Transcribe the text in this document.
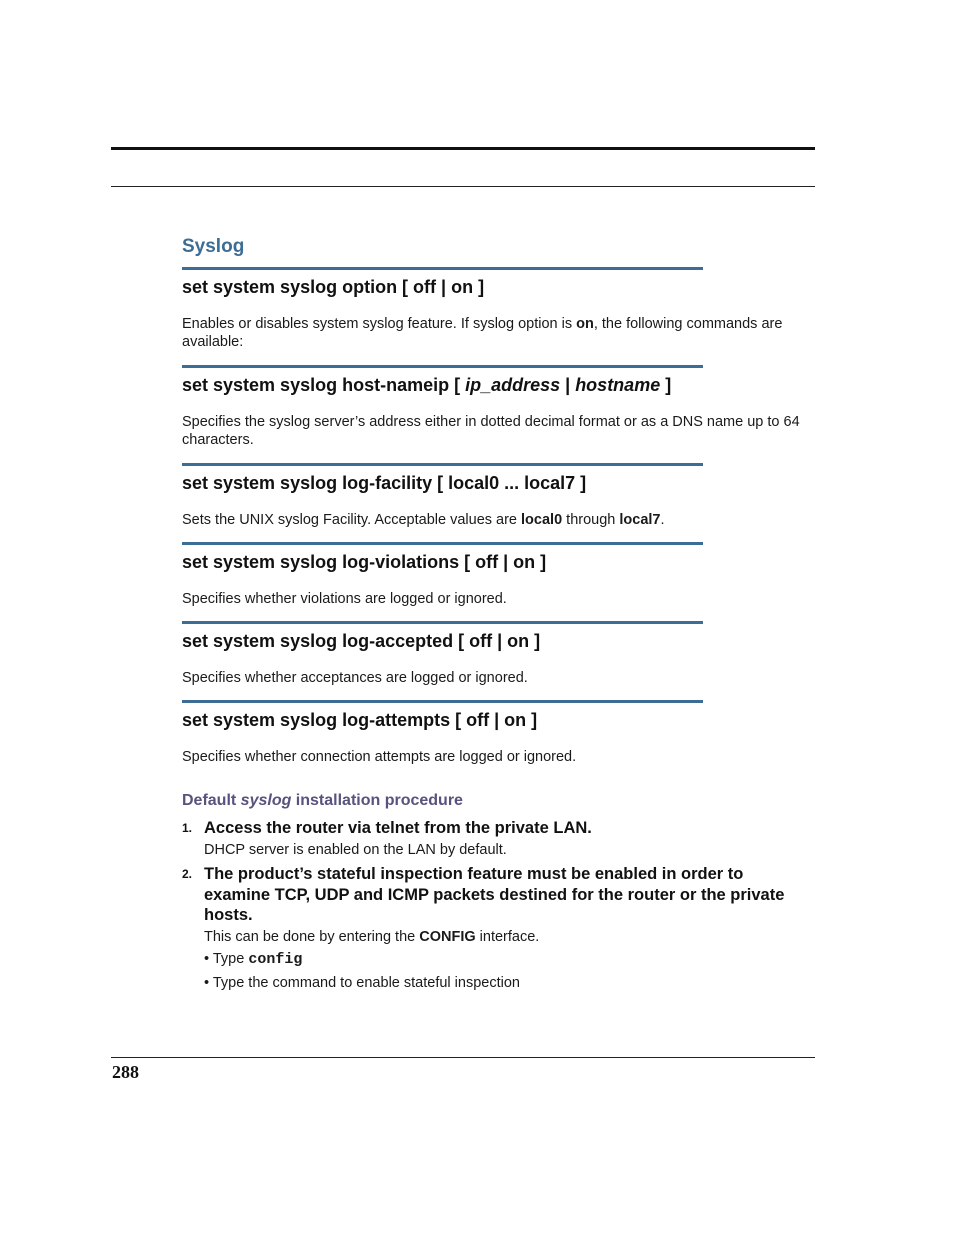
Syslog
set system syslog option [ off | on ]

Enables or disables system syslog feature. If syslog option is on, the following commands are available:

set system syslog host-nameip [ ip_address | hostname ]

Specifies the syslog server’s address either in dotted decimal format or as a DNS name up to 64 characters.

set system syslog log-facility [ local0 ... local7 ]

Sets the UNIX syslog Facility. Acceptable values are local0 through local7.

set system syslog log-violations [ off | on ]

Specifies whether violations are logged or ignored.

set system syslog log-accepted [ off | on ]

Specifies whether acceptances are logged or ignored.

set system syslog log-attempts [ off | on ]

Specifies whether connection attempts are logged or ignored.

Default syslog installation procedure
1. Access the router via telnet from the private LAN.

DHCP server is enabled on the LAN by default.

2. The product’s stateful inspection feature must be enabled in order to examine TCP, UDP and ICMP packets destined for the router or the private hosts.

This can be done by entering the CONFIG interface.

• Type config
• Type the command to enable stateful inspection
288
